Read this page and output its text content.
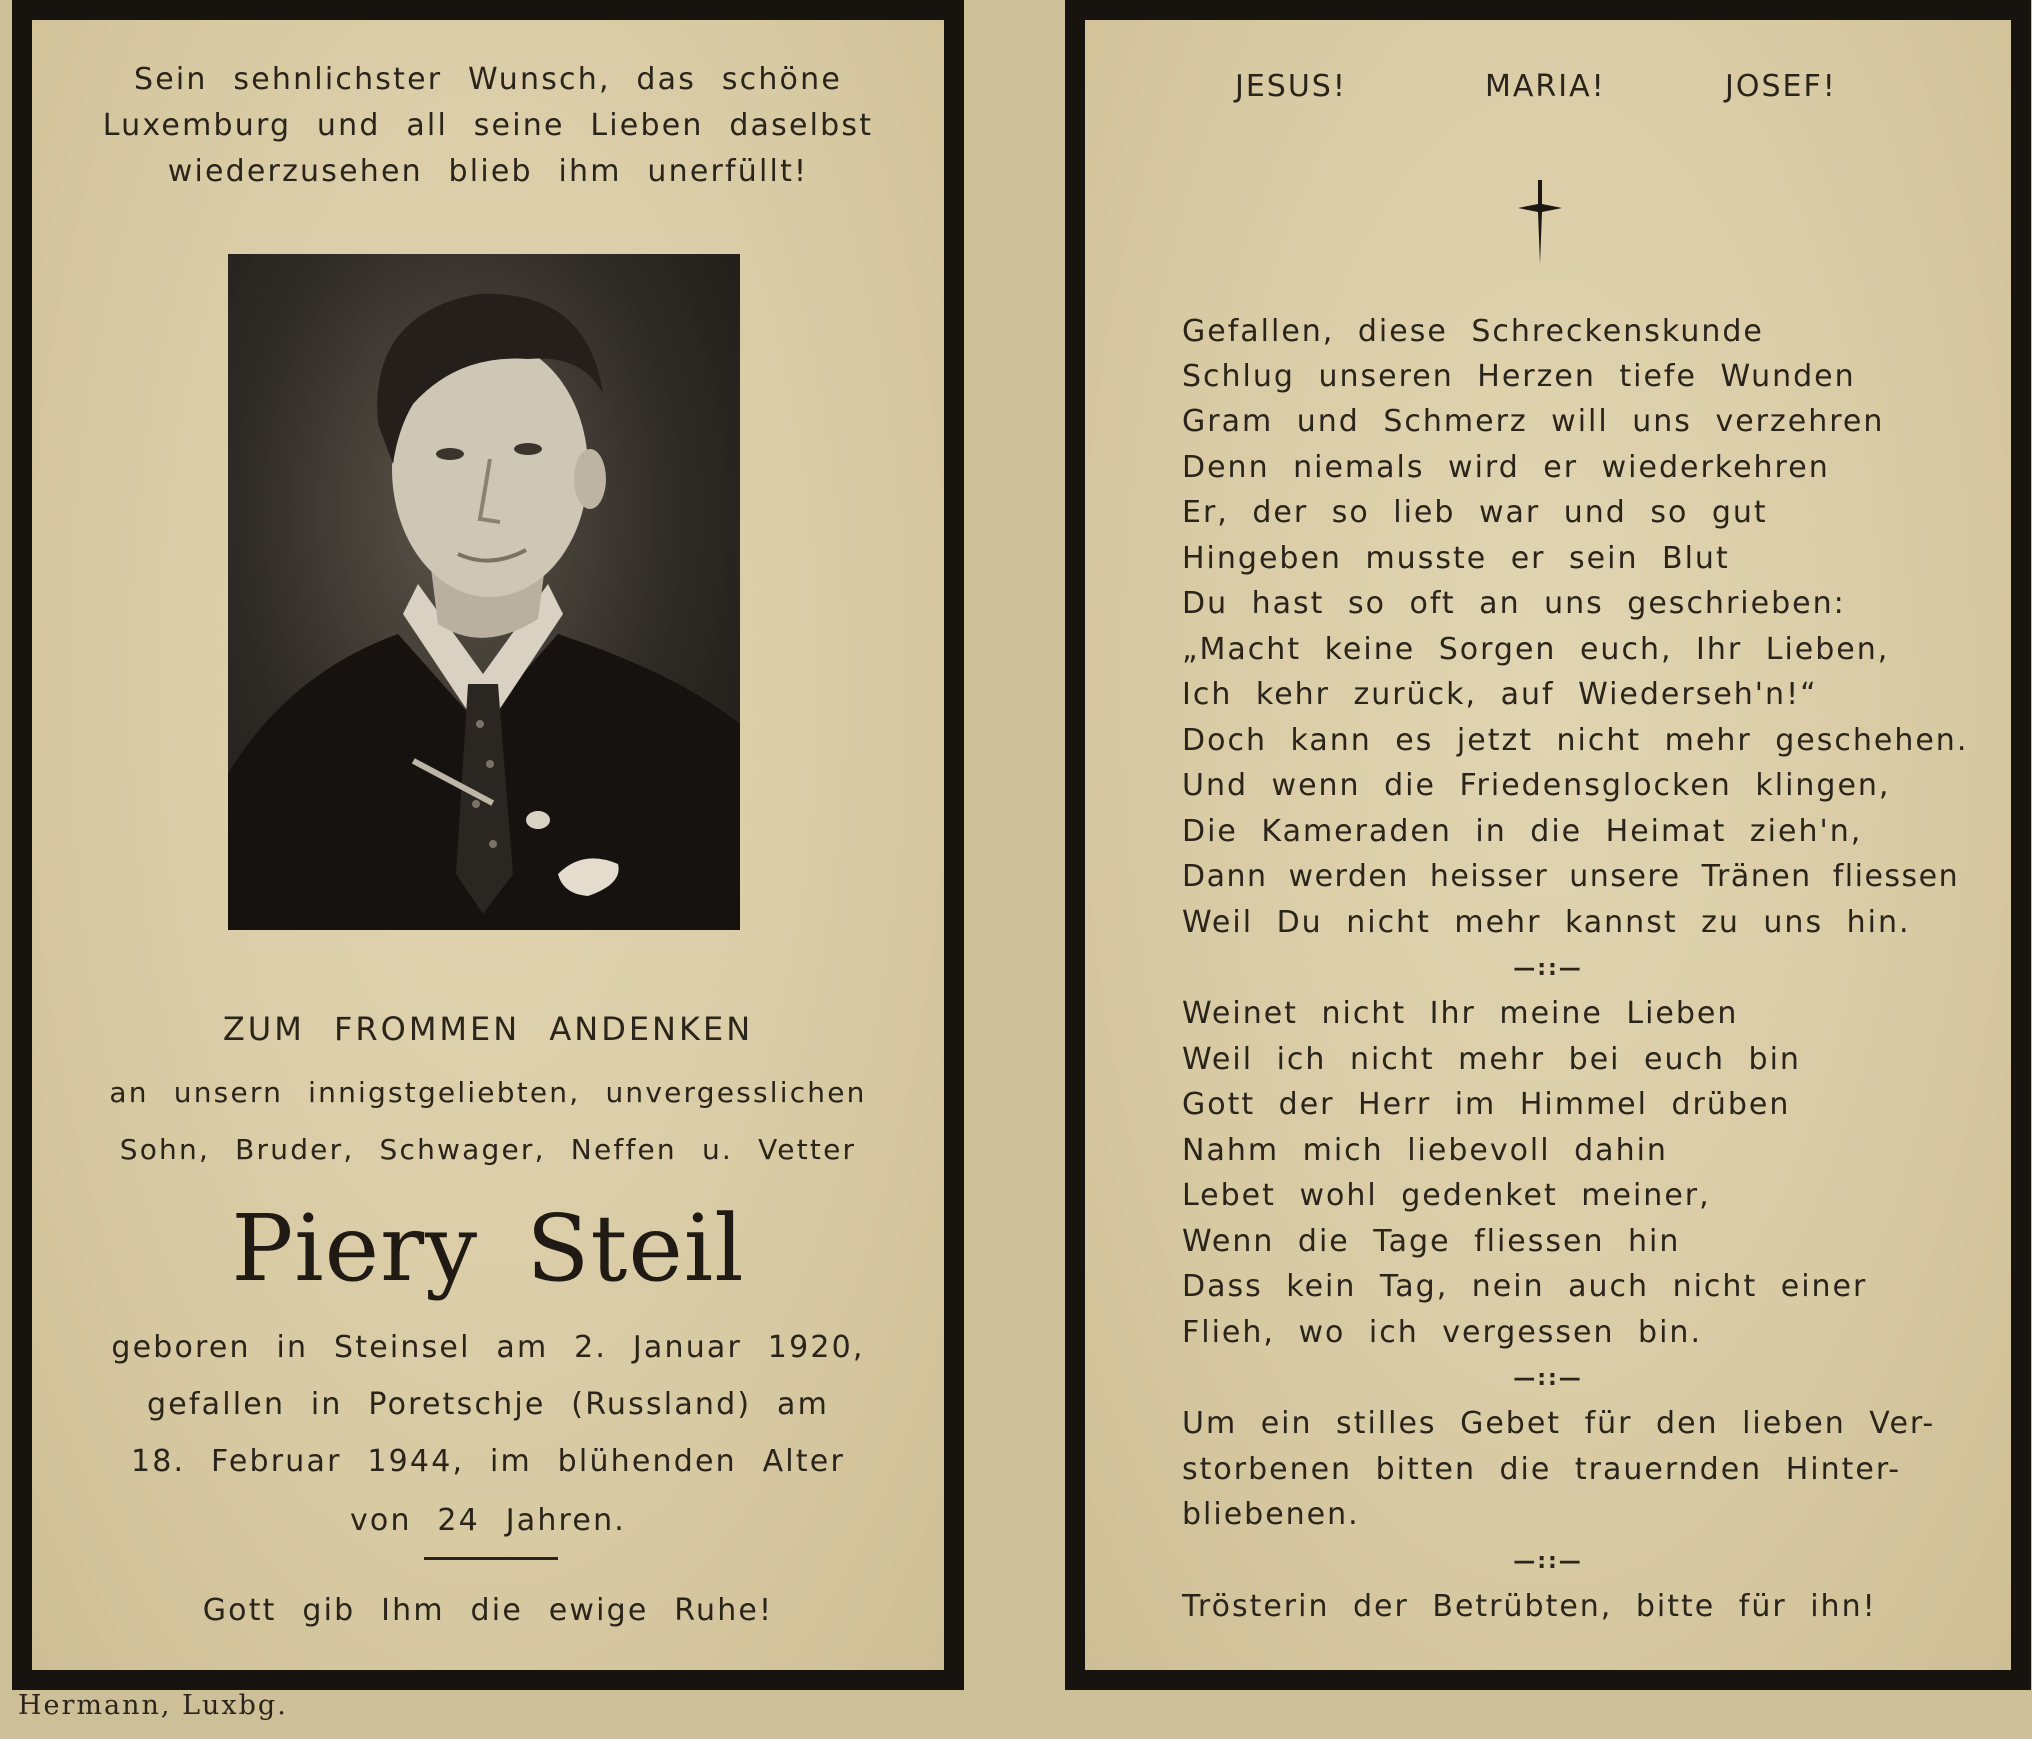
Sein sehnlichster Wunsch, das schöne
Luxemburg und all seine Lieben daselbst
wiederzusehen blieb ihm unerfüllt!
ZUM FROMMEN ANDENKEN
an unsern innigstgeliebten, unvergesslichen
Sohn, Bruder, Schwager, Neffen u. Vetter
Piery Steil
geboren in Steinsel am 2. Januar 1920,
gefallen in Poretschje (Russland) am
18. Februar 1944, im blühenden Alter
von 24 Jahren.
Gott gib Ihm die ewige Ruhe!
JESUS!	MARIA!	JOSEF!
Gefallen, diese Schreckenskunde
Schlug unseren Herzen tiefe Wunden
Gram und Schmerz will uns verzehren
Denn niemals wird er wiederkehren
Er, der so lieb war und so gut
Hingeben musste er sein Blut
Du hast so oft an uns geschrieben:
„Macht keine Sorgen euch, Ihr Lieben,
Ich kehr zurück, auf Wiederseh'n!“
Doch kann es jetzt nicht mehr geschehen.
Und wenn die Friedensglocken klingen,
Die Kameraden in die Heimat zieh'n,
Dann werden heisser unsere Tränen fliessen
Weil Du nicht mehr kannst zu uns hin.
—::—
Weinet nicht Ihr meine Lieben
Weil ich nicht mehr bei euch bin
Gott der Herr im Himmel drüben
Nahm mich liebevoll dahin
Lebet wohl gedenket meiner,
Wenn die Tage fliessen hin
Dass kein Tag, nein auch nicht einer
Flieh, wo ich vergessen bin.
—::—
Um ein stilles Gebet für den lieben Ver-
storbenen bitten die trauernden Hinter-
bliebenen.
—::—
Trösterin der Betrübten, bitte für ihn!
Hermann, Luxbg.
